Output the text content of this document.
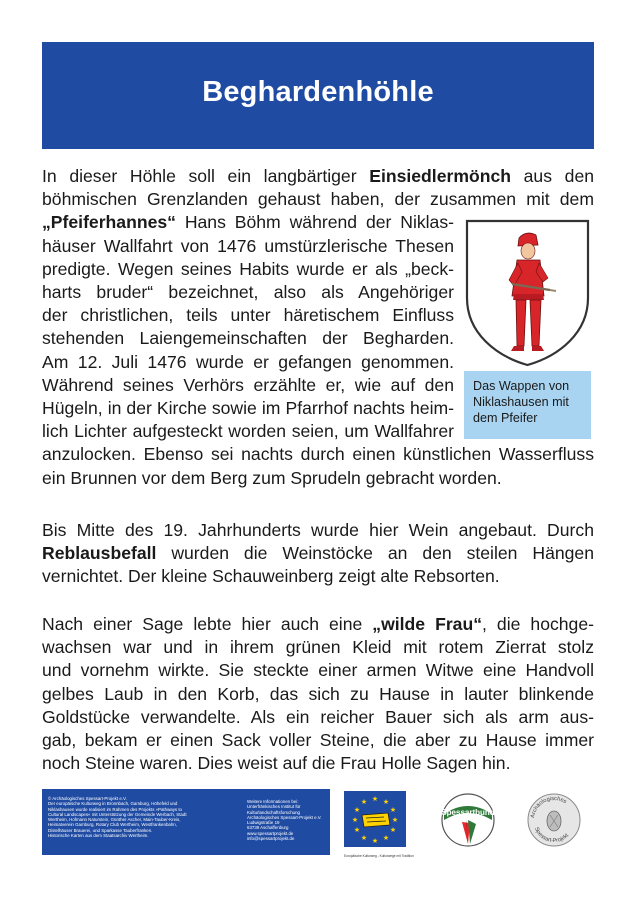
Beghardenhöhle
In dieser Höhle soll ein langbärtiger Einsiedlermönch aus den
böhmischen Grenzlanden gehaust haben, der zusammen mit dem
„Pfeiferhannes“ Hans Böhm während der Niklas-
häuser Wallfahrt von 1476 umstürzlerische Thesen
predigte. Wegen seines Habits wurde er als „beck-
harts bruder“ bezeichnet, also als Angehöriger
der christlichen, teils unter häretischem Einfluss
stehenden Laiengemeinschaften der Begharden.
Am 12. Juli 1476 wurde er gefangen genommen.
Während seines Verhörs erzählte er, wie auf den
Hügeln, in der Kirche sowie im Pfarrhof nachts heim-
lich Lichter aufgesteckt worden seien, um Wallfahrer
anzulocken. Ebenso sei nachts durch einen künstlichen Wasserfluss
ein Brunnen vor dem Berg zum Sprudeln gebracht worden.
Das Wappen von
Niklashausen mit
dem Pfeifer
Bis Mitte des 19. Jahrhunderts wurde hier Wein angebaut. Durch
Reblausbefall wurden die Weinstöcke an den steilen Hängen
vernichtet. Der kleine Schauweinberg zeigt alte Rebsorten.
Nach einer Sage lebte hier auch eine „wilde Frau“, die hochge-
wachsen war und in ihrem grünen Kleid mit rotem Zierrat stolz
und vornehm wirkte. Sie steckte einer armen Witwe eine Handvoll
gelbes Laub in den Korb, das sich zu Hause in lauter blinkende
Goldstücke verwandelte. Als ein reicher Bauer sich als arm aus-
gab, bekam er einen Sack voller Steine, die aber zu Hause immer
noch Steine waren. Dies weist auf die Frau Holle Sagen hin.
© Archäologisches Spessart-Projekt e.V.
Der europäische Kulturweg in Bronnbach, Gamburg, Höhefeld und
Niklashausen wurde realisiert im Rahmen des Projekts »Pathways to
Cultural Landscapes« mit Unterstützung der Gemeinde Werbach, Stadt
Wertheim, Hofmann Naturstein, Günther Ascher, Main-Tauber-Kreis,
Heimatverein Gamburg, Rotary Club Wertheim, Westfrankenbahn,
Distelhäuser Brauerei, und Sparkasse Tauberfranken.
Historische Karten aus dem Staatsarchiv Wertheim.
Weitere Informationen bei:
Unterfränkisches Institut für
Kulturlandschaftsforschung
Archäologisches Spessart-Projekt e.V.
Ludwigstraße 19
63739 Aschaffenburg
www.spessartprojekt.de
info@spessartprojekt.de
★ ★
★
★
★
★
★
★
★
★
★
★
Europäische Kulturweg - Kulturwege mit Tradition
Spessartbund	Archäologisches
Spessart-Projekt
